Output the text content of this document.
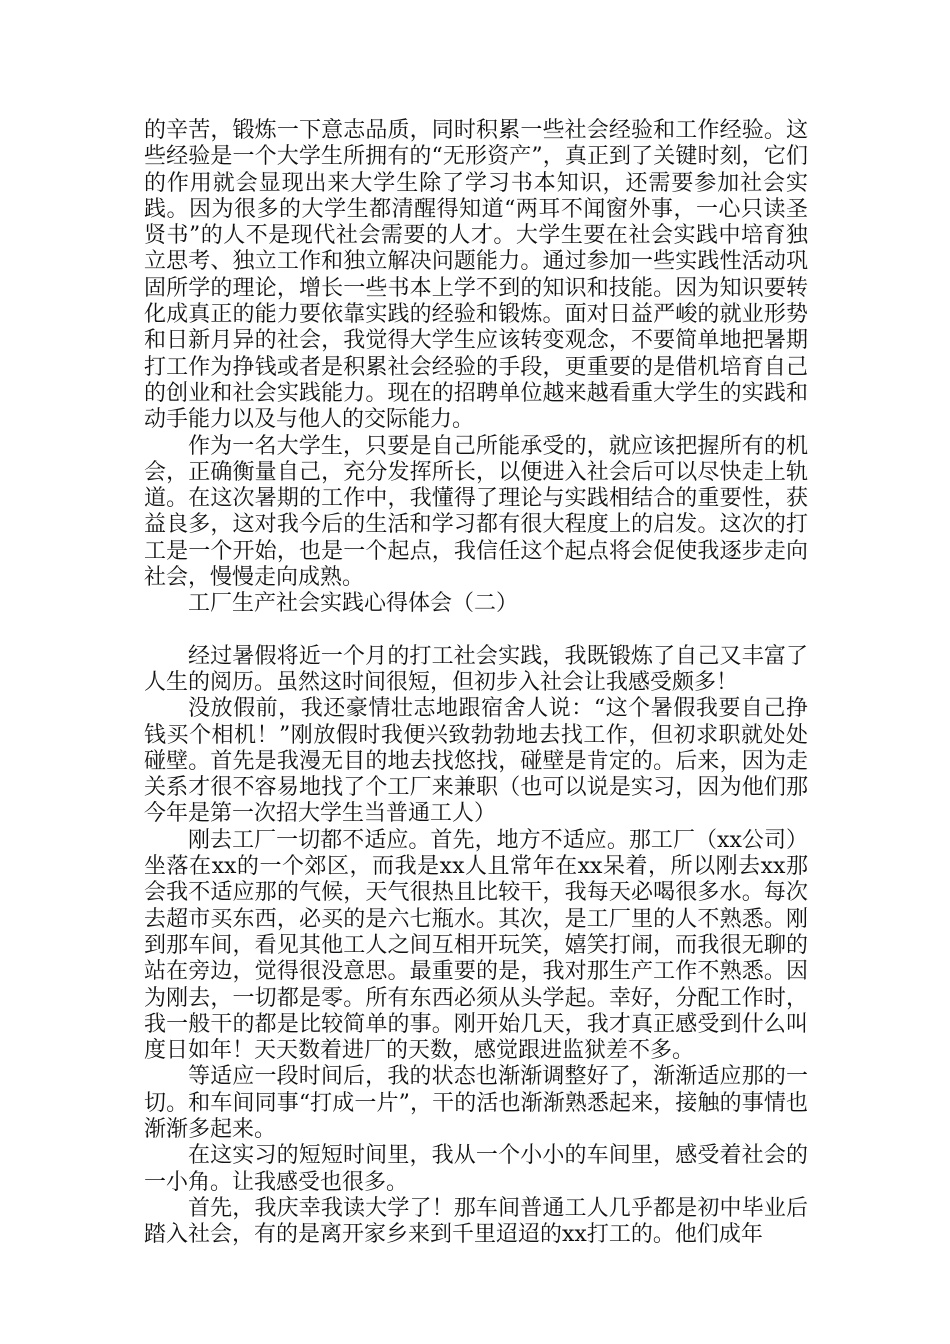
的辛苦，锻炼一下意志品质，同时积累一些社会经验和工作经验。这些经验是一个大学生所拥有的“无形资产”，真正到了关键时刻，它们的作用就会显现出来大学生除了学习书本知识，还需要参加社会实践。因为很多的大学生都清醒得知道“两耳不闻窗外事，一心只读圣贤书”的人不是现代社会需要的人才。大学生要在社会实践中培育独立思考、独立工作和独立解决问题能力。通过参加一些实践性活动巩固所学的理论，增长一些书本上学不到的知识和技能。因为知识要转化成真正的能力要依靠实践的经验和锻炼。面对日益严峻的就业形势和日新月异的社会，我觉得大学生应该转变观念，不要简单地把暑期打工作为挣钱或者是积累社会经验的手段，更重要的是借机培育自己的创业和社会实践能力。现在的招聘单位越来越看重大学生的实践和动手能力以及与他人的交际能力。

作为一名大学生，只要是自己所能承受的，就应该把握所有的机会，正确衡量自己，充分发挥所长，以便进入社会后可以尽快走上轨道。在这次暑期的工作中，我懂得了理论与实践相结合的重要性，获益良多，这对我今后的生活和学习都有很大程度上的启发。这次的打工是一个开始，也是一个起点，我信任这个起点将会促使我逐步走向社会，慢慢走向成熟。

工厂生产社会实践心得体会（二）

经过暑假将近一个月的打工社会实践，我既锻炼了自己又丰富了人生的阅历。虽然这时间很短，但初步入社会让我感受颇多！

没放假前，我还豪情壮志地跟宿舍人说：“这个暑假我要自己挣钱买个相机！”刚放假时我便兴致勃勃地去找工作，但初求职就处处碰壁。首先是我漫无目的地去找悠找，碰壁是肯定的。后来，因为走关系才很不容易地找了个工厂来兼职（也可以说是实习，因为他们那今年是第一次招大学生当普通工人）

刚去工厂一切都不适应。首先，地方不适应。那工厂（xx公司）坐落在xx的一个郊区，而我是xx人且常年在xx呆着，所以刚去xx那会我不适应那的气候，天气很热且比较干，我每天必喝很多水。每次去超市买东西，必买的是六七瓶水。其次，是工厂里的人不熟悉。刚到那车间，看见其他工人之间互相开玩笑，嬉笑打闹，而我很无聊的站在旁边，觉得很没意思。最重要的是，我对那生产工作不熟悉。因为刚去，一切都是零。所有东西必须从头学起。幸好，分配工作时，我一般干的都是比较简单的事。刚开始几天，我才真正感受到什么叫度日如年！天天数着进厂的天数，感觉跟进监狱差不多。

等适应一段时间后，我的状态也渐渐调整好了，渐渐适应那的一切。和车间同事“打成一片”，干的活也渐渐熟悉起来，接触的事情也渐渐多起来。

在这实习的短短时间里，我从一个小小的车间里，感受着社会的一小角。让我感受也很多。

首先，我庆幸我读大学了！那车间普通工人几乎都是初中毕业后踏入社会，有的是离开家乡来到千里迢迢的xx打工的。他们成年
